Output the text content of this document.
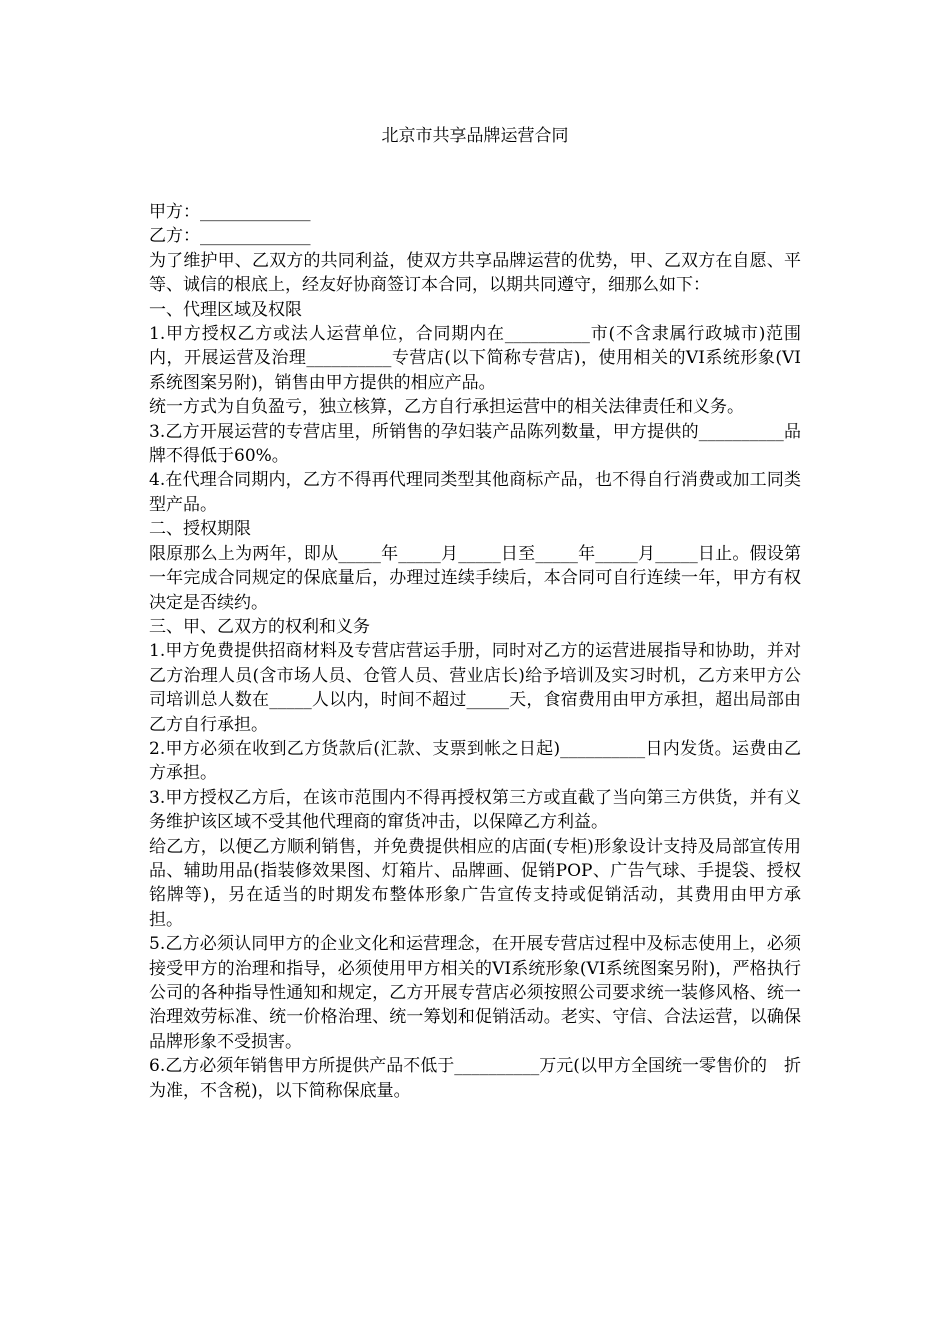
北京市共享品牌运营合同

甲方：_____________

乙方：_____________

为了维护甲、乙双方的共同利益，使双方共享品牌运营的优势，甲、乙双方在自愿、平等、诚信的根底上，经友好协商签订本合同，以期共同遵守，细那么如下：

一、代理区域及权限

1.甲方授权乙方或法人运营单位，合同期内在__________市(不含隶属行政城市)范围内，开展运营及治理__________专营店(以下简称专营店)，使用相关的VI系统形象(VI系统图案另附)，销售由甲方提供的相应产品。

统一方式为自负盈亏，独立核算，乙方自行承担运营中的相关法律责任和义务。

3.乙方开展运营的专营店里，所销售的孕妇装产品陈列数量，甲方提供的__________品牌不得低于60%。

4.在代理合同期内，乙方不得再代理同类型其他商标产品，也不得自行消费或加工同类型产品。

二、授权期限

限原那么上为两年，即从_____年_____月_____日至_____年_____月_____日止。假设第一年完成合同规定的保底量后，办理过连续手续后，本合同可自行连续一年，甲方有权决定是否续约。

三、甲、乙双方的权利和义务

1.甲方免费提供招商材料及专营店营运手册，同时对乙方的运营进展指导和协助，并对乙方治理人员(含市场人员、仓管人员、营业店长)给予培训及实习时机，乙方来甲方公司培训总人数在_____人以内，时间不超过_____天，食宿费用由甲方承担，超出局部由乙方自行承担。

2.甲方必须在收到乙方货款后(汇款、支票到帐之日起)__________日内发货。运费由乙方承担。

3.甲方授权乙方后，在该市范围内不得再授权第三方或直截了当向第三方供货，并有义务维护该区域不受其他代理商的窜货冲击，以保障乙方利益。

给乙方，以便乙方顺利销售，并免费提供相应的店面(专柜)形象设计支持及局部宣传用品、辅助用品(指装修效果图、灯箱片、品牌画、促销POP、广告气球、手提袋、授权铭牌等)，另在适当的时期发布整体形象广告宣传支持或促销活动，其费用由甲方承担。

5.乙方必须认同甲方的企业文化和运营理念，在开展专营店过程中及标志使用上，必须接受甲方的治理和指导，必须使用甲方相关的VI系统形象(VI系统图案另附)，严格执行公司的各种指导性通知和规定，乙方开展专营店必须按照公司要求统一装修风格、统一治理效劳标准、统一价格治理、统一筹划和促销活动。老实、守信、合法运营，以确保品牌形象不受损害。

6.乙方必须年销售甲方所提供产品不低于__________万元(以甲方全国统一零售价的　折为准，不含税)，以下简称保底量。
